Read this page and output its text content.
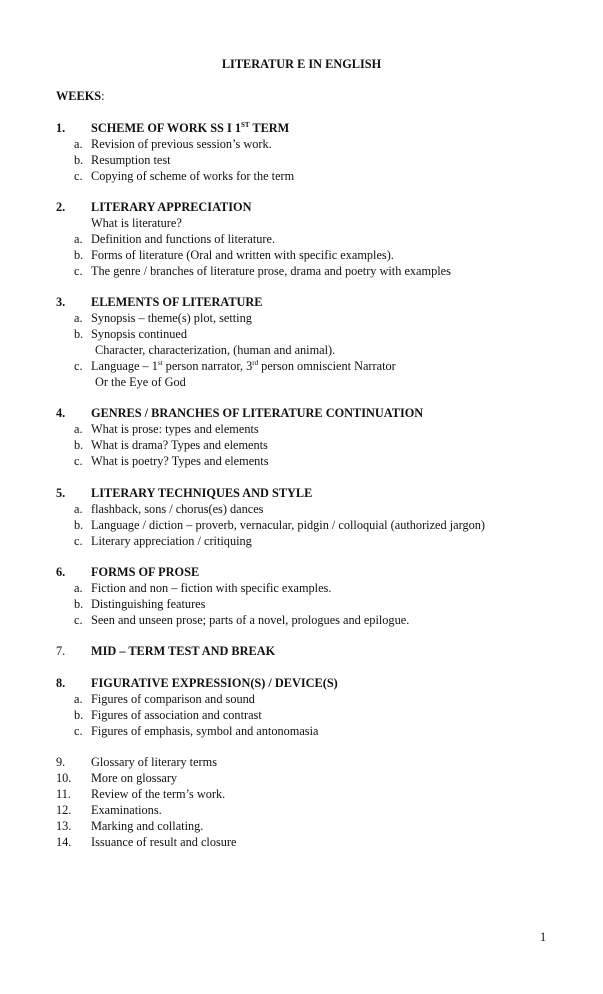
LITERATUR E IN ENGLISH
WEEKS:
1. SCHEME OF WORK SS I 1ST TERM
a. Revision of previous session’s work.
b. Resumption test
c. Copying of scheme of works for the term
2. LITERARY APPRECIATION
What is literature?
a. Definition and functions of literature.
b. Forms of literature (Oral and written with specific examples).
c. The genre / branches of literature prose, drama and poetry with examples
3. ELEMENTS OF LITERATURE
a. Synopsis – theme(s) plot, setting
b. Synopsis continued
Character, characterization, (human and animal).
c. Language – 1st person narrator, 3rd person omniscient Narrator
Or the Eye of God
4. GENRES / BRANCHES OF LITERATURE CONTINUATION
a. What is prose: types and elements
b. What is drama? Types and elements
c. What is poetry? Types and elements
5. LITERARY TECHNIQUES AND STYLE
a. flashback, sons / chorus(es) dances
b. Language / diction – proverb, vernacular, pidgin / colloquial (authorized jargon)
c. Literary appreciation / critiquing
6. FORMS OF PROSE
a. Fiction and non – fiction with specific examples.
b. Distinguishing features
c. Seen and unseen prose; parts of a novel, prologues and epilogue.
7. MID – TERM TEST AND BREAK
8. FIGURATIVE EXPRESSION(S) / DEVICE(S)
a. Figures of comparison and sound
b. Figures of association and contrast
c. Figures of emphasis, symbol and antonomasia
9. Glossary of literary terms
10. More on glossary
11. Review of the term’s work.
12. Examinations.
13. Marking and collating.
14. Issuance of result and closure
1
